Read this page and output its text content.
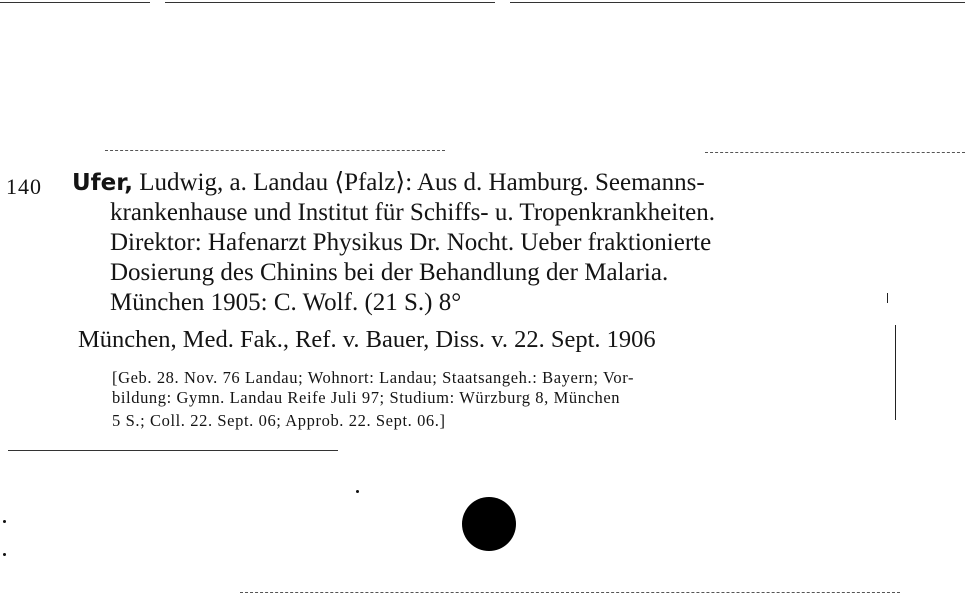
140 Ufer, Ludwig, a. Landau ⟨Pfalz⟩: Aus d. Hamburg. Seemanns-
krankenhause und Institut für Schiffs- u. Tropenkrankheiten.
Direktor: Hafenarzt Physikus Dr. Nocht. Ueber fraktionierte
Dosierung des Chinins bei der Behandlung der Malaria.
München 1905: C. Wolf. (21 S.) 8°
München, Med. Fak., Ref. v. Bauer, Diss. v. 22. Sept. 1906
[Geb. 28. Nov. 76 Landau; Wohnort: Landau; Staatsangeh.: Bayern; Vor-
bildung: Gymn. Landau Reife Juli 97; Studium: Würzburg 8, München
5 S.; Coll. 22. Sept. 06; Approb. 22. Sept. 06.]
